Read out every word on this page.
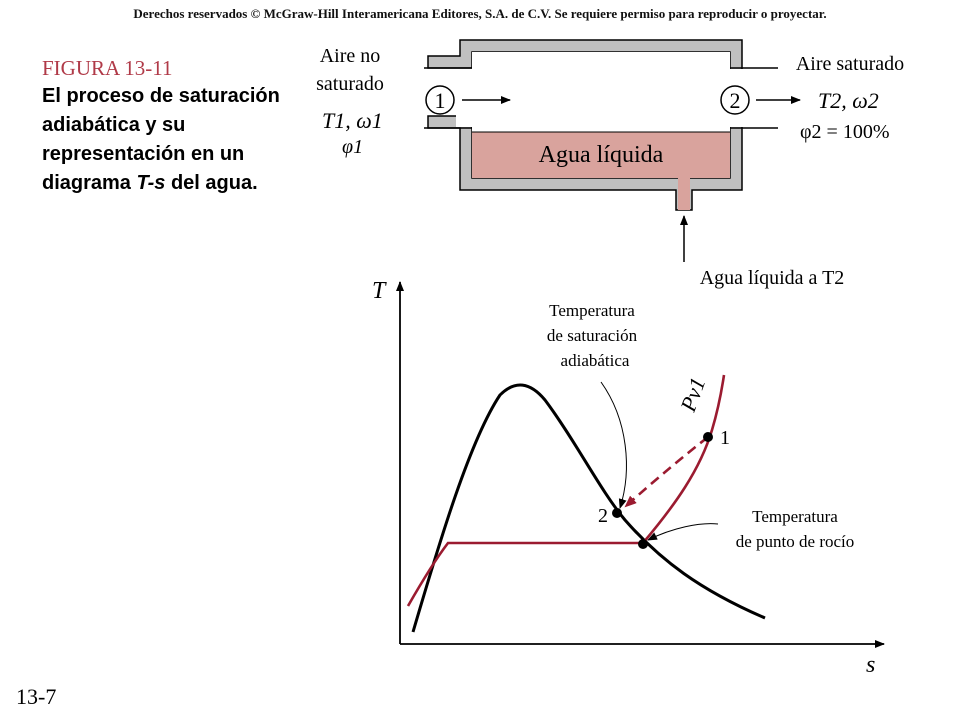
Derechos reservados © McGraw-Hill Interamericana Editores, S.A. de C.V. Se requiere permiso para reproducir o proyectar.
FIGURA 13-11
El proceso de saturación adiabática y su representación en un diagrama T-s del agua.
1	2
Agua líquida
Aire no
saturado
T1, ω1
φ1
Aire saturado
T2, ω2
φ2 = 100%
Agua líquida a T2
T
s
1
2
Pv1
Temperatura
de saturación
adiabática
Temperatura
de punto de rocío
13-7
